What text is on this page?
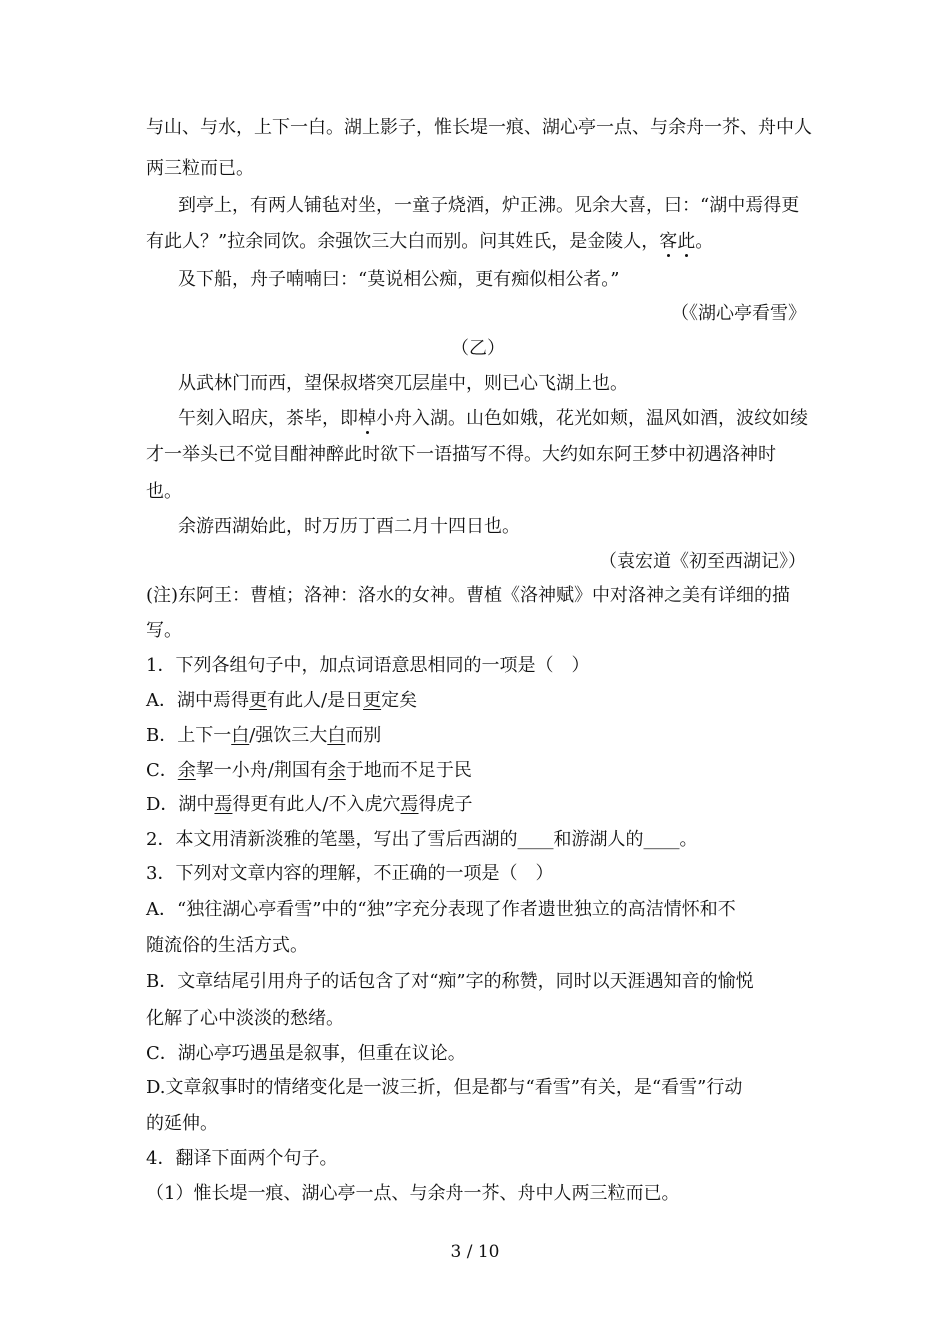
与山、与水，上下一白。湖上影子，惟长堤一痕、湖心亭一点、与余舟一芥、舟中人
两三粒而已。
到亭上，有两人铺毡对坐，一童子烧酒，炉正沸。见余大喜，曰：“湖中焉得更
有此人？”拉余同饮。余强饮三大白而别。问其姓氏，是金陵人，客此。
及下船，舟子喃喃曰：“莫说相公痴，更有痴似相公者。”
（《湖心亭看雪》
（乙）
从武林门而西，望保叔塔突兀层崖中，则已心飞湖上也。
午刻入昭庆，茶毕，即棹小舟入湖。山色如娥，花光如颊，温风如酒，波纹如绫
才一举头已不觉目酣神醉此时欲下一语描写不得。大约如东阿王梦中初遇洛神时
也。
余游西湖始此，时万历丁酉二月十四日也。
（袁宏道《初至西湖记》）
(注)东阿王：曹植；洛神：洛水的女神。曹植《洛神赋》中对洛神之美有详细的描
写。
1．下列各组句子中，加点词语意思相同的一项是（　）
A．湖中焉得更有此人/是日更定矣
B．上下一白/强饮三大白而别
C．余挈一小舟/荆国有余于地而不足于民
D．湖中焉得更有此人/不入虎穴焉得虎子
2．本文用清新淡雅的笔墨，写出了雪后西湖的____和游湖人的____。
3．下列对文章内容的理解，不正确的一项是（　）
A．“独往湖心亭看雪”中的“独”字充分表现了作者遗世独立的高洁情怀和不
随流俗的生活方式。
B．文章结尾引用舟子的话包含了对“痴”字的称赞，同时以天涯遇知音的愉悦
化解了心中淡淡的愁绪。
C．湖心亭巧遇虽是叙事，但重在议论。
D.文章叙事时的情绪变化是一波三折，但是都与“看雪”有关，是“看雪”行动
的延伸。
4．翻译下面两个句子。
（1）惟长堤一痕、湖心亭一点、与余舟一芥、舟中人两三粒而已。
3 / 10
